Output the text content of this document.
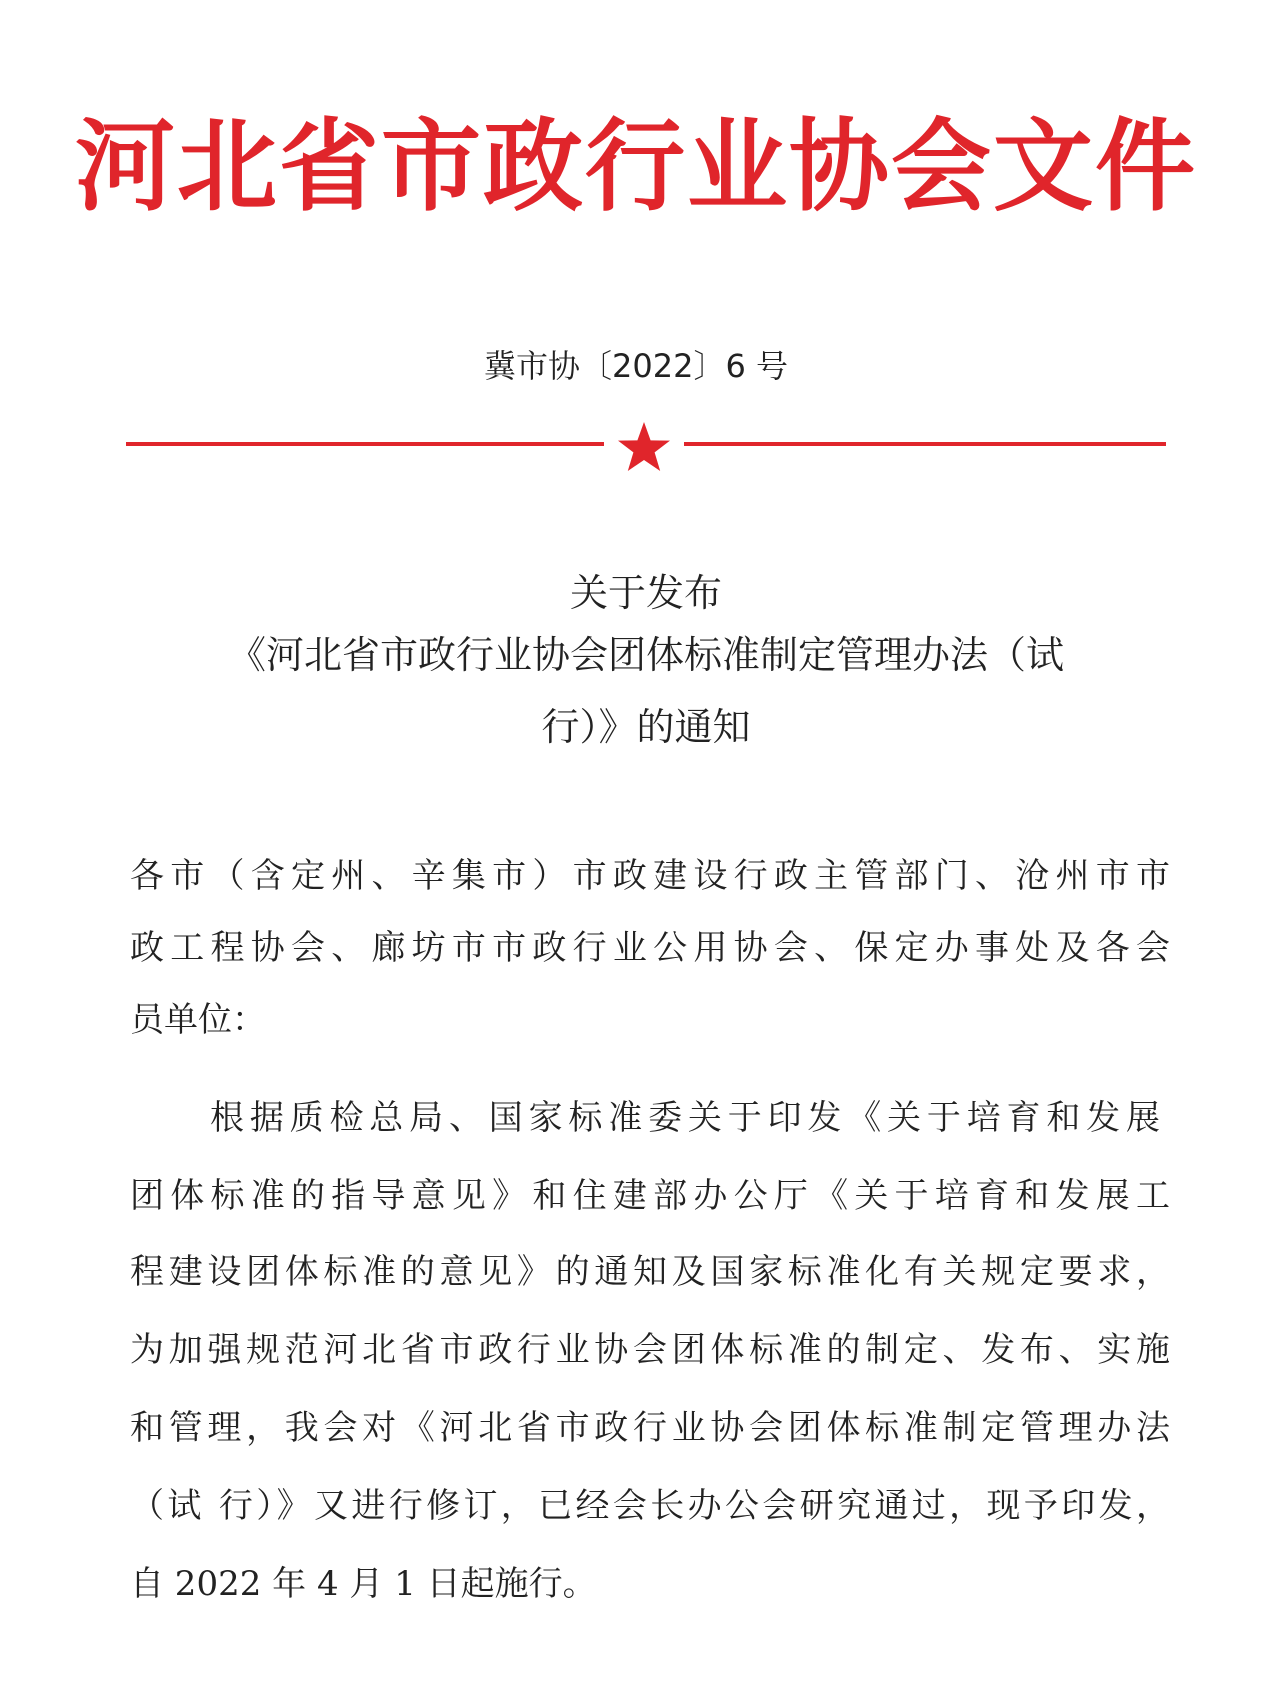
河北省市政行业协会文件
冀市协〔2022〕6 号
关于发布
《河北省市政行业协会团体标准制定管理办法（试
行）》的通知
各市（含定州、辛集市）市政建设行政主管部门、沧州市市
政工程协会、廊坊市市政行业公用协会、保定办事处及各会
员单位：
根据质检总局、国家标准委关于印发《关于培育和发展
团体标准的指导意见》和住建部办公厅《关于培育和发展工
程建设团体标准的意见》的通知及国家标准化有关规定要求，
为加强规范河北省市政行业协会团体标准的制定、发布、实施
和管理，我会对《河北省市政行业协会团体标准制定管理办法
（试 行）》又进行修订，已经会长办公会研究通过，现予印发，
自 2022 年 4 月 1 日起施行。
